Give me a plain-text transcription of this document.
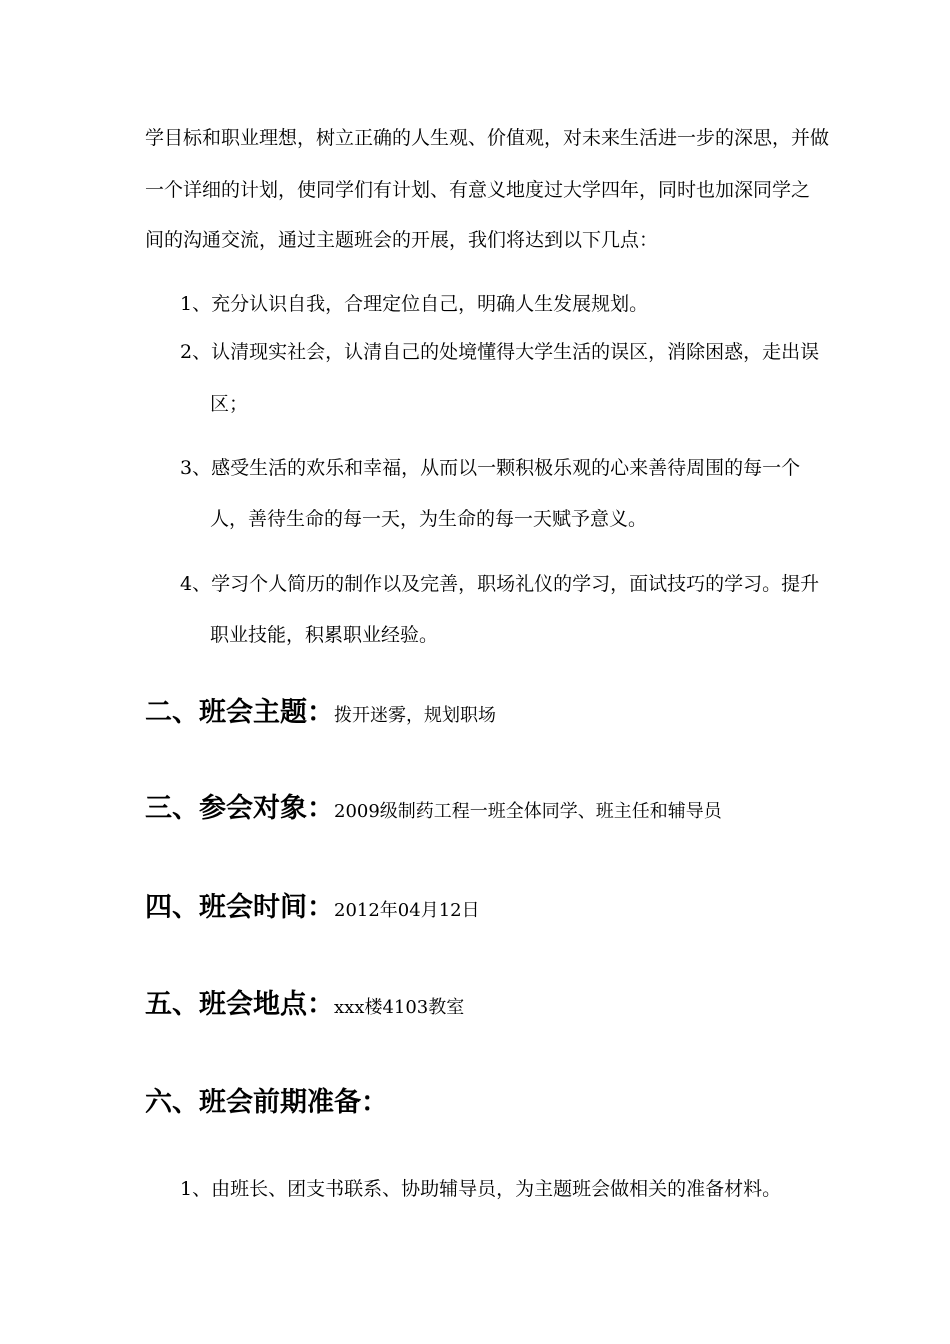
学目标和职业理想，树立正确的人生观、价值观，对未来生活进一步的深思，并做
一个详细的计划，使同学们有计划、有意义地度过大学四年，同时也加深同学之
间的沟通交流，通过主题班会的开展，我们将达到以下几点：
1、充分认识自我，合理定位自己，明确人生发展规划。
2、认清现实社会，认清自己的处境懂得大学生活的误区，消除困惑，走出误
区；
3、感受生活的欢乐和幸福，从而以一颗积极乐观的心来善待周围的每一个
人，善待生命的每一天，为生命的每一天赋予意义。
4、学习个人简历的制作以及完善，职场礼仪的学习，面试技巧的学习。提升
职业技能，积累职业经验。
二、班会主题：拨开迷雾，规划职场
三、参会对象：2009级制药工程一班全体同学、班主任和辅导员
四、班会时间：2012年04月12日
五、班会地点：xxx楼4103教室
六、班会前期准备：
1、由班长、团支书联系、协助辅导员，为主题班会做相关的准备材料。
